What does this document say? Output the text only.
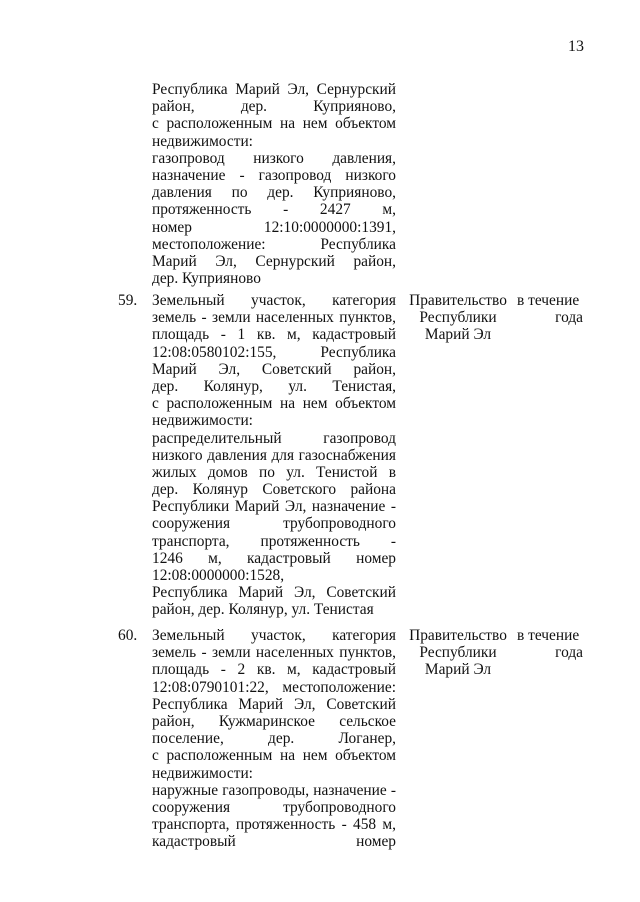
13
Республика Марий Эл, Сернурский
район, дер. Куприяново,
с расположенным на нем объектом
недвижимости:
газопровод низкого давления,
назначение - газопровод низкого
давления по дер. Куприяново,
протяженность - 2427 м,
номер 12:10:0000000:1391,
местоположение: Республика
Марий Эл, Сернурский район,
дер. Куприяново
59. Земельный участок, категория
земель - земли населенных пунктов,
площадь - 1 кв. м, кадастровый
12:08:0580102:155, Республика
Марий Эл, Советский район,
дер. Колянур, ул. Тенистая,
с расположенным на нем объектом
недвижимости:
распределительный газопровод
низкого давления для газоснабжения
жилых домов по ул. Тенистой в
дер. Колянур Советского района
Республики Марий Эл, назначение -
сооружения трубопроводного
транспорта, протяженность -
1246 м, кадастровый номер
12:08:0000000:1528,
Республика Марий Эл, Советский
район, дер. Колянур, ул. Тенистая
Правительство
Республики
Марий Эл
в течение
года
60. Земельный участок, категория
земель - земли населенных пунктов,
площадь - 2 кв. м, кадастровый
12:08:0790101:22, местоположение:
Республика Марий Эл, Советский
район, Кужмаринское сельское
поселение, дер. Логанер,
с расположенным на нем объектом
недвижимости:
наружные газопроводы, назначение -
сооружения трубопроводного
транспорта, протяженность - 458 м,
кадастровый номер
Правительство
Республики
Марий Эл
в течение
года
